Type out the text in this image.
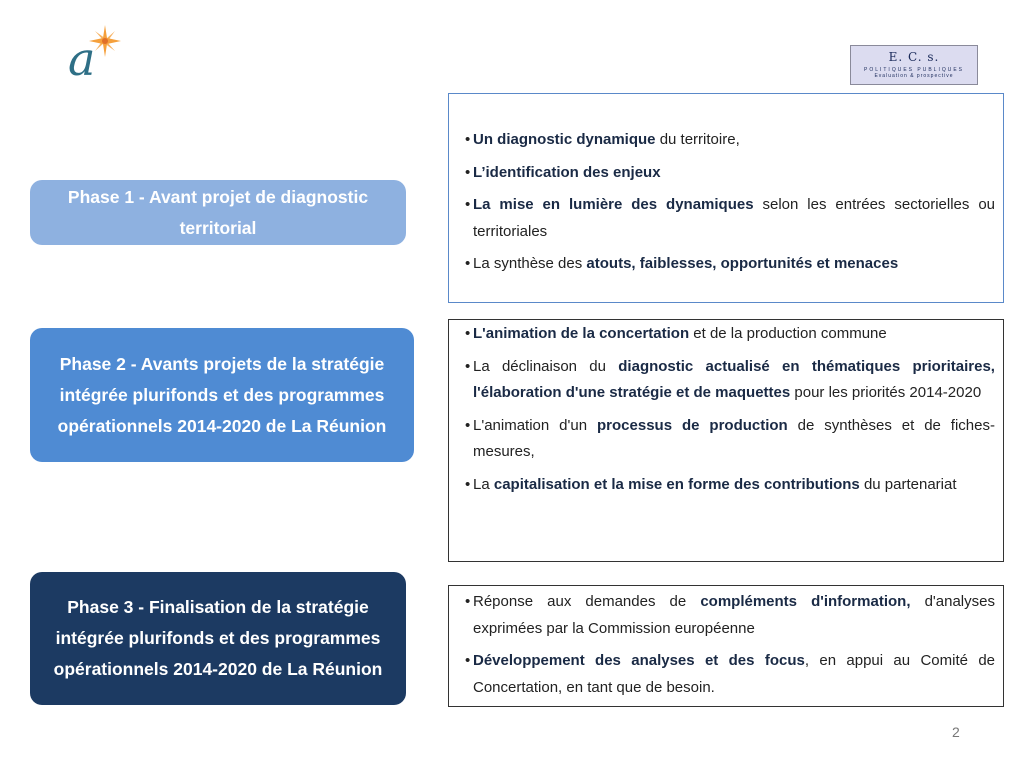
a	E. C. s.
POLITIQUES PUBLIQUES
Evaluation & prospective
Phase 1 - Avant projet de diagnostic territorial
Phase 2 - Avants projets de la stratégie intégrée plurifonds et des programmes opérationnels 2014-2020 de La Réunion
Phase 3 - Finalisation de la stratégie intégrée plurifonds et des programmes opérationnels 2014-2020 de La Réunion
• Un diagnostic dynamique du territoire,
• L’identification des enjeux
• La mise en lumière des dynamiques selon les entrées sectorielles ou territoriales
• La synthèse des atouts, faiblesses, opportunités et menaces
• L'animation de la concertation et de la production commune
• La déclinaison du diagnostic actualisé en thématiques prioritaires, l'élaboration d'une stratégie et de maquettes pour les priorités 2014-2020
• L'animation d'un processus de production de synthèses et de fiches-mesures,
• La capitalisation et la mise en forme des contributions du partenariat
• Réponse aux demandes de compléments d'information, d'analyses exprimées par la Commission européenne
• Développement des analyses et des focus, en appui au Comité de Concertation, en tant que de besoin.
2
